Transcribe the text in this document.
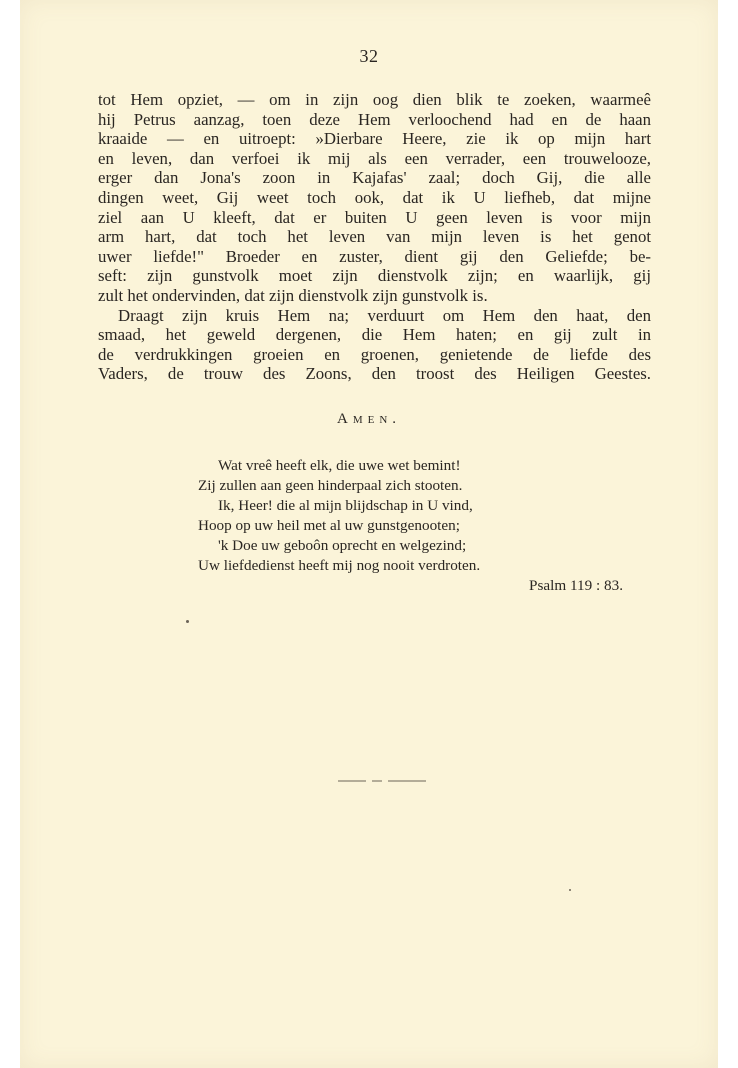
32
tot Hem opziet, — om in zijn oog dien blik te zoeken, waarmeê
hij Petrus aanzag, toen deze Hem verloochend had en de haan
kraaide — en uitroept: »Dierbare Heere, zie ik op mijn hart
en leven, dan verfoei ik mij als een verrader, een trouwelooze,
erger dan Jona's zoon in Kajafas' zaal; doch Gij, die alle
dingen weet, Gij weet toch ook, dat ik U liefheb, dat mijne
ziel aan U kleeft, dat er buiten U geen leven is voor mijn
arm hart, dat toch het leven van mijn leven is het genot
uwer liefde!" Broeder en zuster, dient gij den Geliefde; be-
seft: zijn gunstvolk moet zijn dienstvolk zijn; en waarlijk, gij
zult het ondervinden, dat zijn dienstvolk zijn gunstvolk is.
Draagt zijn kruis Hem na; verduurt om Hem den haat, den
smaad, het geweld dergenen, die Hem haten; en gij zult in
de verdrukkingen groeien en groenen, genietende de liefde des
Vaders, de trouw des Zoons, den troost des Heiligen Geestes.
Amen.
Wat vreê heeft elk, die uwe wet bemint!
Zij zullen aan geen hinderpaal zich stooten.
Ik, Heer! die al mijn blijdschap in U vind,
Hoop op uw heil met al uw gunstgenooten;
'k Doe uw geboôn oprecht en welgezind;
Uw liefdedienst heeft mij nog nooit verdroten.
Psalm 119 : 83.
